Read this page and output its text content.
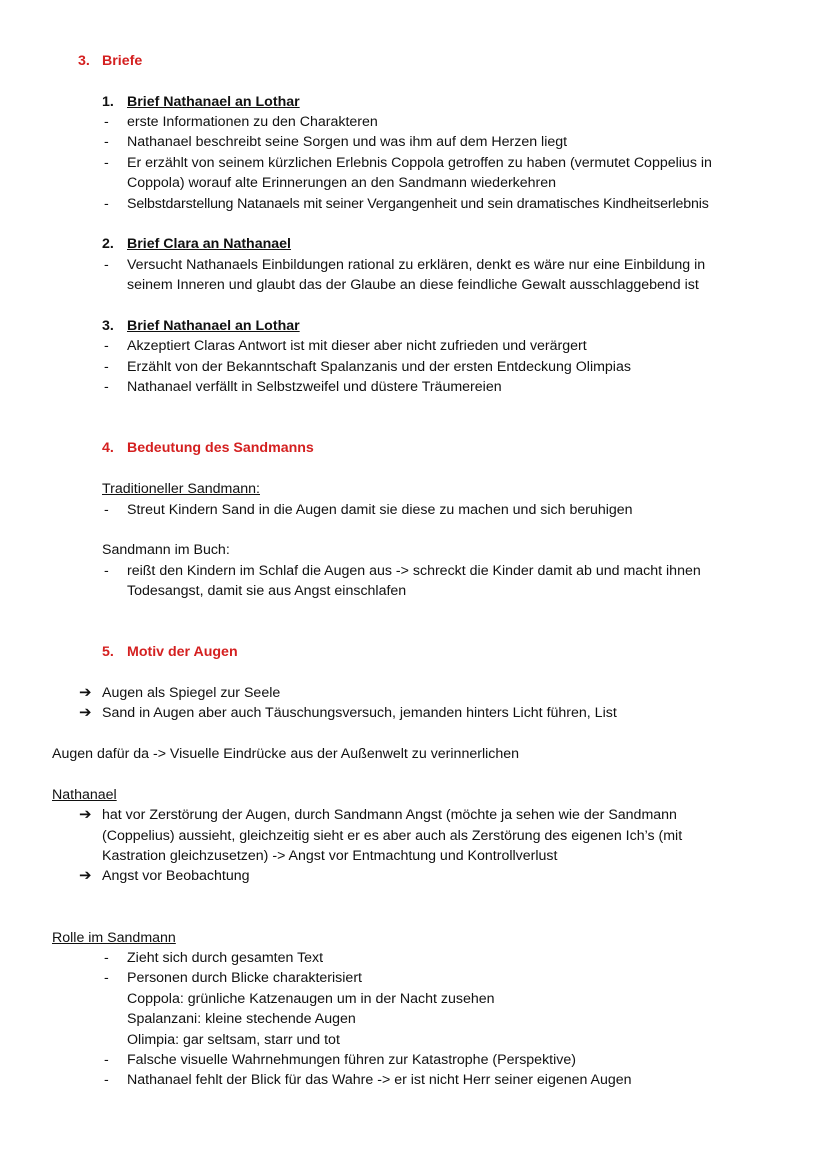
3. Briefe
1. Brief Nathanael an Lothar
- erste Informationen zu den Charakteren
- Nathanael beschreibt seine Sorgen und was ihm auf dem Herzen liegt
- Er erzählt von seinem kürzlichen Erlebnis Coppola getroffen zu haben (vermutet Coppelius in
Coppola) worauf alte Erinnerungen an den Sandmann wiederkehren
- Selbstdarstellung Natanaels mit seiner Vergangenheit und sein dramatisches Kindheitserlebnis
2. Brief Clara an Nathanael
- Versucht Nathanaels Einbildungen rational zu erklären, denkt es wäre nur eine Einbildung in
seinem Inneren und glaubt das der Glaube an diese feindliche Gewalt ausschlaggebend ist
3. Brief Nathanael an Lothar
- Akzeptiert Claras Antwort ist mit dieser aber nicht zufrieden und verärgert
- Erzählt von der Bekanntschaft Spalanzanis und der ersten Entdeckung Olimpias
- Nathanael verfällt in Selbstzweifel und düstere Träumereien
4. Bedeutung des Sandmanns
Traditioneller Sandmann:
- Streut Kindern Sand in die Augen damit sie diese zu machen und sich beruhigen
Sandmann im Buch:
- reißt den Kindern im Schlaf die Augen aus -> schreckt die Kinder damit ab und macht ihnen
Todesangst, damit sie aus Angst einschlafen
5. Motiv der Augen
➔ Augen als Spiegel zur Seele
➔ Sand in Augen aber auch Täuschungsversuch, jemanden hinters Licht führen, List
Augen dafür da -> Visuelle Eindrücke aus der Außenwelt zu verinnerlichen
Nathanael
➔ hat vor Zerstörung der Augen, durch Sandmann Angst (möchte ja sehen wie der Sandmann
(Coppelius) aussieht, gleichzeitig sieht er es aber auch als Zerstörung des eigenen Ich’s (mit
Kastration gleichzusetzen) -> Angst vor Entmachtung und Kontrollverlust
➔ Angst vor Beobachtung
Rolle im Sandmann
- Zieht sich durch gesamten Text
- Personen durch Blicke charakterisiert
Coppola: grünliche Katzenaugen um in der Nacht zusehen
Spalanzani: kleine stechende Augen
Olimpia: gar seltsam, starr und tot
- Falsche visuelle Wahrnehmungen führen zur Katastrophe (Perspektive)
- Nathanael fehlt der Blick für das Wahre -> er ist nicht Herr seiner eigenen Augen
